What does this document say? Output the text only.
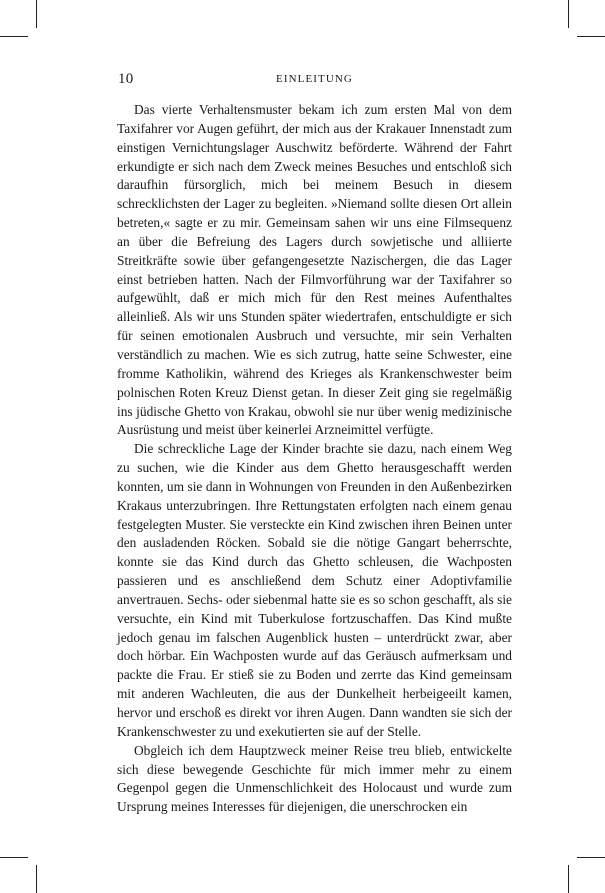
10	EINLEITUNG

Das vierte Verhaltensmuster bekam ich zum ersten Mal von dem Taxifahrer vor Augen geführt, der mich aus der Krakauer Innenstadt zum einstigen Vernichtungslager Auschwitz beförderte. Während der Fahrt erkundigte er sich nach dem Zweck meines Besuches und entschloß sich daraufhin fürsorglich, mich bei meinem Besuch in diesem schrecklichsten der Lager zu begleiten. »Niemand sollte diesen Ort allein betreten,« sagte er zu mir. Gemeinsam sahen wir uns eine Filmsequenz an über die Befreiung des Lagers durch sowjetische und alliierte Streitkräfte sowie über gefangengesetzte Nazischergen, die das Lager einst betrieben hatten. Nach der Filmvorführung war der Taxifahrer so aufgewühlt, daß er mich mich für den Rest meines Aufenthaltes alleinließ. Als wir uns Stunden später wiedertrafen, entschuldigte er sich für seinen emotionalen Ausbruch und versuchte, mir sein Verhalten verständlich zu machen. Wie es sich zutrug, hatte seine Schwester, eine fromme Katholikin, während des Krieges als Krankenschwester beim polnischen Roten Kreuz Dienst getan. In dieser Zeit ging sie regelmäßig ins jüdische Ghetto von Krakau, obwohl sie nur über wenig medizinische Ausrüstung und meist über keinerlei Arzneimittel verfügte.

Die schreckliche Lage der Kinder brachte sie dazu, nach einem Weg zu suchen, wie die Kinder aus dem Ghetto herausgeschafft werden konnten, um sie dann in Wohnungen von Freunden in den Außenbezirken Krakaus unterzubringen. Ihre Rettungstaten erfolgten nach einem genau festgelegten Muster. Sie versteckte ein Kind zwischen ihren Beinen unter den ausladenden Röcken. Sobald sie die nötige Gangart beherrschte, konnte sie das Kind durch das Ghetto schleusen, die Wachposten passieren und es anschließend dem Schutz einer Adoptivfamilie anvertrauen. Sechs- oder siebenmal hatte sie es so schon geschafft, als sie versuchte, ein Kind mit Tuberkulose fortzuschaffen. Das Kind mußte jedoch genau im falschen Augenblick husten – unterdrückt zwar, aber doch hörbar. Ein Wachposten wurde auf das Geräusch aufmerksam und packte die Frau. Er stieß sie zu Boden und zerrte das Kind gemeinsam mit anderen Wachleuten, die aus der Dunkelheit herbeigeeilt kamen, hervor und erschoß es direkt vor ihren Augen. Dann wandten sie sich der Krankenschwester zu und exekutierten sie auf der Stelle.

Obgleich ich dem Hauptzweck meiner Reise treu blieb, entwickelte sich diese bewegende Geschichte für mich immer mehr zu einem Gegenpol gegen die Unmenschlichkeit des Holocaust und wurde zum Ursprung meines Interesses für diejenigen, die unerschrocken ein
